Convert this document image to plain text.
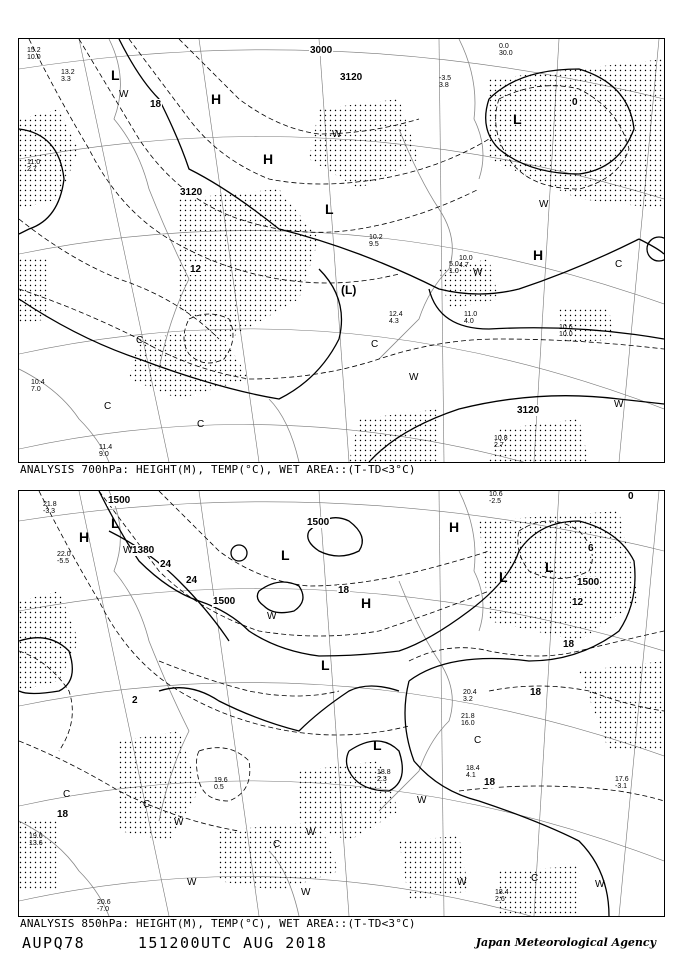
3000
3120
3120
3120
L
H
H
L
L
H
(L)
W
W
W
W
W
W
C
C
C
C
C
18
12
0
15.2
10.0
13.2
3.3
11.0
2.7
10.4
7.0
11.4
9.0
10.2
9.5
10.0
4.7
11.0
4.0
10.6
10.0
10.8
2.7
0.0
30.0
-3.5
3.8
5.0
1.0
12.4
4.3
ANALYSIS 700hPa: HEIGHT(M), TEMP(°C), WET AREA::(T-TD<3°C)
1500
1500
1500
1500
1380
L
H
L
H
L
L
L
H
L
W
W
W
W
W
W	W	W
W
C
C
C
C
C
24
24
18
18
18
18
18
12
6
0
2
21.8
-3.3
22.0
-5.5
19.6
13.6
20.6
-7.0
10.6
-2.5
17.6
-3.1
18.4
4.1
18.4
2.6
20.4
3.2
21.8
16.0
18.8
2.3
19.6
0.5
ANALYSIS 850hPa: HEIGHT(M), TEMP(°C), WET AREA::(T-TD<3°C)
AUPQ78	151200UTC AUG 2018	Japan Meteorological Agency
